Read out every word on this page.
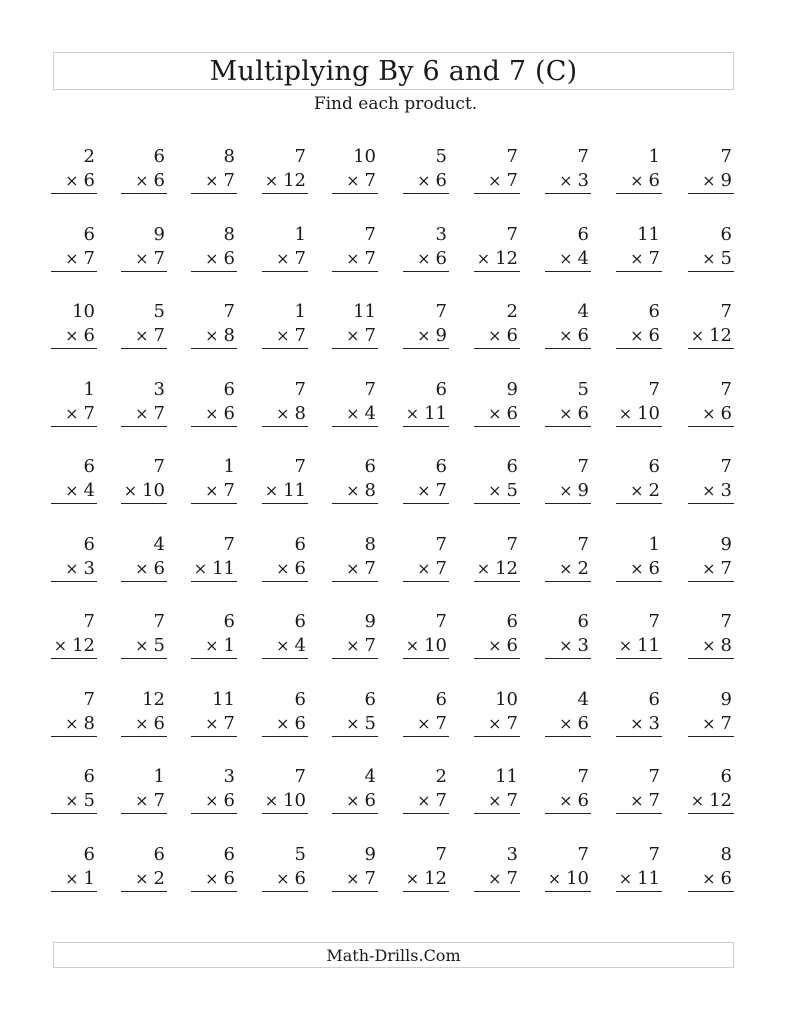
Multiplying By 6 and 7 (C)
Find each product.
2
× 6
6
× 6
8
× 7
7
× 12
10
× 7
5
× 6
7
× 7
7
× 3
1
× 6
7
× 9
6
× 7
9
× 7
8
× 6
1
× 7
7
× 7
3
× 6
7
× 12
6
× 4
11
× 7
6
× 5
10
× 6
5
× 7
7
× 8
1
× 7
11
× 7
7
× 9
2
× 6
4
× 6
6
× 6
7
× 12
1
× 7
3
× 7
6
× 6
7
× 8
7
× 4
6
× 11
9
× 6
5
× 6
7
× 10
7
× 6
6
× 4
7
× 10
1
× 7
7
× 11
6
× 8
6
× 7
6
× 5
7
× 9
6
× 2
7
× 3
6
× 3
4
× 6
7
× 11
6
× 6
8
× 7
7
× 7
7
× 12
7
× 2
1
× 6
9
× 7
7
× 12
7
× 5
6
× 1
6
× 4
9
× 7
7
× 10
6
× 6
6
× 3
7
× 11
7
× 8
7
× 8
12
× 6
11
× 7
6
× 6
6
× 5
6
× 7
10
× 7
4
× 6
6
× 3
9
× 7
6
× 5
1
× 7
3
× 6
7
× 10
4
× 6
2
× 7
11
× 7
7
× 6
7
× 7
6
× 12
6
× 1
6
× 2
6
× 6
5
× 6
9
× 7
7
× 12
3
× 7
7
× 10
7
× 11
8
× 6
Math-Drills.Com
